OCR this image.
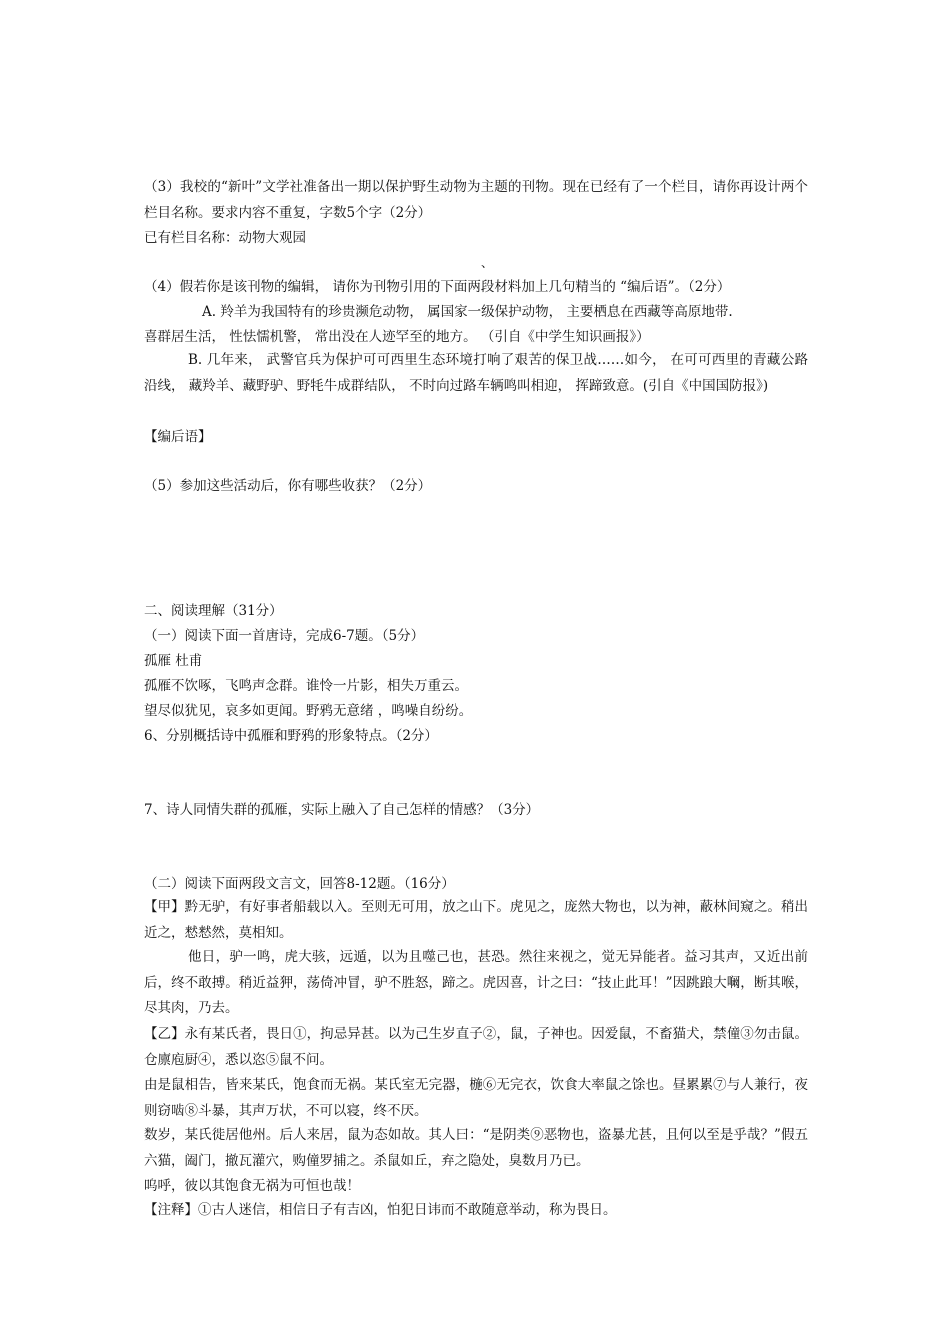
（3）我校的“新叶”文学社准备出一期以保护野生动物为主题的刊物。现在已经有了一个栏目，请你再设计两个栏目名称。要求内容不重复，字数5个字（2分）
已有栏目名称：动物大观园
、
（4）假若你是该刊物的编辑， 请你为刊物引用的下面两段材料加上几句精当的 “编后语”。（2分）
A. 羚羊为我国特有的珍贵濒危动物， 属国家一级保护动物， 主要栖息在西藏等高原地带.
喜群居生活， 性怯懦机警， 常出没在人迹罕至的地方。 （引自《中学生知识画报》）
B. 几年来， 武警官兵为保护可可西里生态环境打响了艰苦的保卫战……如今， 在可可西里的青藏公路沿线， 藏羚羊、藏野驴、野牦牛成群结队， 不时向过路车辆鸣叫相迎， 挥蹄致意。(引自《中国国防报》)
【编后语】
（5）参加这些活动后，你有哪些收获？（2分）
二、阅读理解（31分）
（一）阅读下面一首唐诗，完成6-7题。（5分）
孤雁 杜甫
孤雁不饮啄，飞鸣声念群。谁怜一片影，相失万重云。
望尽似犹见，哀多如更闻。野鸦无意绪 ，鸣噪自纷纷。
6、分别概括诗中孤雁和野鸦的形象特点。（2分）
7、诗人同情失群的孤雁，实际上融入了自己怎样的情感？（3分）
（二）阅读下面两段文言文，回答8-12题。（16分）
【甲】黔无驴，有好事者船载以入。至则无可用，放之山下。虎见之，庞然大物也，以为神，蔽林间窥之。稍出近之，慭慭然，莫相知。
他日，驴一鸣，虎大骇，远遁，以为且噬己也，甚恐。然往来视之，觉无异能者。益习其声，又近出前后，终不敢搏。稍近益狎，荡倚冲冒，驴不胜怒，蹄之。虎因喜，计之曰：“技止此耳！”因跳踉大㘎，断其喉，尽其肉，乃去。
【乙】永有某氏者，畏日①，拘忌异甚。以为己生岁直子②，鼠，子神也。因爱鼠，不畜猫犬，禁僮③勿击鼠。仓廪庖厨④，悉以恣⑤鼠不问。
由是鼠相告，皆来某氏，饱食而无祸。某氏室无完器，椸⑥无完衣，饮食大率鼠之馀也。昼累累⑦与人兼行，夜则窃啮⑧斗暴，其声万状，不可以寝，终不厌。
数岁，某氏徙居他州。后人来居，鼠为态如故。其人曰：“是阴类⑨恶物也，盗暴尤甚，且何以至是乎哉？”假五六猫，阖门，撤瓦灌穴，购僮罗捕之。杀鼠如丘，弃之隐处，臭数月乃已。
呜呼，彼以其饱食无祸为可恒也哉！
【注释】①古人迷信，相信日子有吉凶，怕犯日讳而不敢随意举动，称为畏日。
